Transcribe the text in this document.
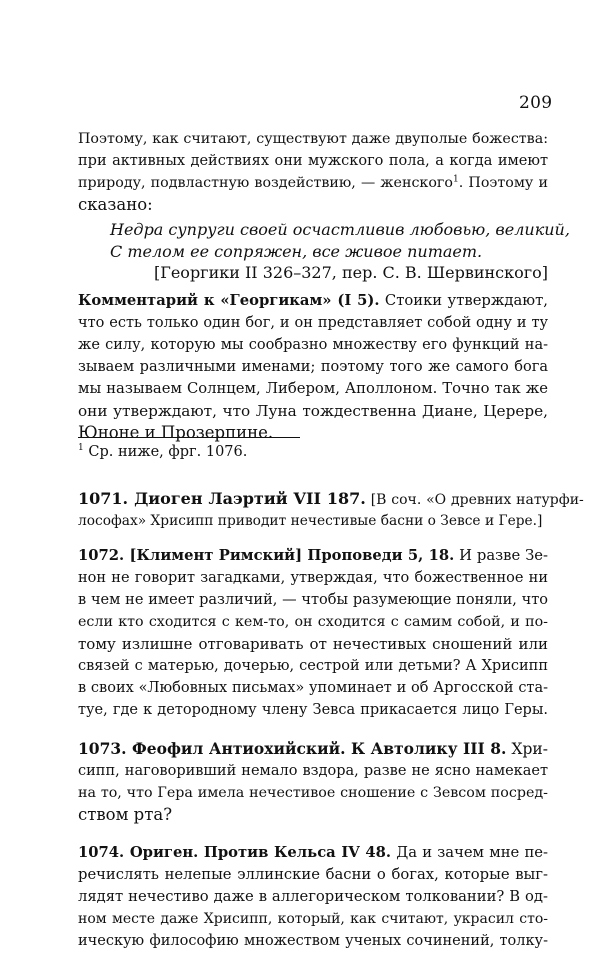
209
Поэтому, как считают, существуют даже двуполые божества:
при активных действиях они мужского пола, а когда имеют
природу, подвластную воздействию, — женского$^1$. Поэтому и
сказано:
Недра супруги своей осчастливив любовью, великий,
С телом ее сопряжен, все живое питает.
[Георгики II 326–327, пер. С. В. Шервинского]
Комментарий к «Георгикам» (I 5). Стоики утверждают,
что есть только один бог, и он представляет собой одну и ту
же силу, которую мы сообразно множеству его функций на-
зываем различными именами; поэтому того же самого бога
мы называем Солнцем, Либером, Аполлоном. Точно так же
они утверждают, что Луна тождественна Диане, Церере,
Юноне и Прозерпине.
$^1$ Ср. ниже, фрг. 1076.
1071. Диоген Лаэртий VII 187. [В соч. «О древних натурфи-
лософах» Хрисипп приводит нечестивые басни о Зевсе и Гере.]
1072. [Климент Римский] Проповеди 5, 18. И разве Зе-
нон не говорит загадками, утверждая, что божественное ни
в чем не имеет различий, — чтобы разумеющие поняли, что
если кто сходится с кем-то, он сходится с самим собой, и по-
тому излишне отговаривать от нечестивых сношений или
связей с матерью, дочерью, сестрой или детьми? А Хрисипп
в своих «Любовных письмах» упоминает и об Аргосской ста-
туе, где к детородному члену Зевса прикасается лицо Геры.
1073. Феофил Антиохийский. К Автолику III 8. Хри-
сипп, наговоривший немало вздора, разве не ясно намекает
на то, что Гера имела нечестивое сношение с Зевсом посред-
ством рта?
1074. Ориген. Против Кельса IV 48. Да и зачем мне пе-
речислять нелепые эллинские басни о богах, которые выг-
лядят нечестиво даже в аллегорическом толковании? В од-
ном месте даже Хрисипп, который, как считают, украсил сто-
ическую философию множеством ученых сочинений, толку-
